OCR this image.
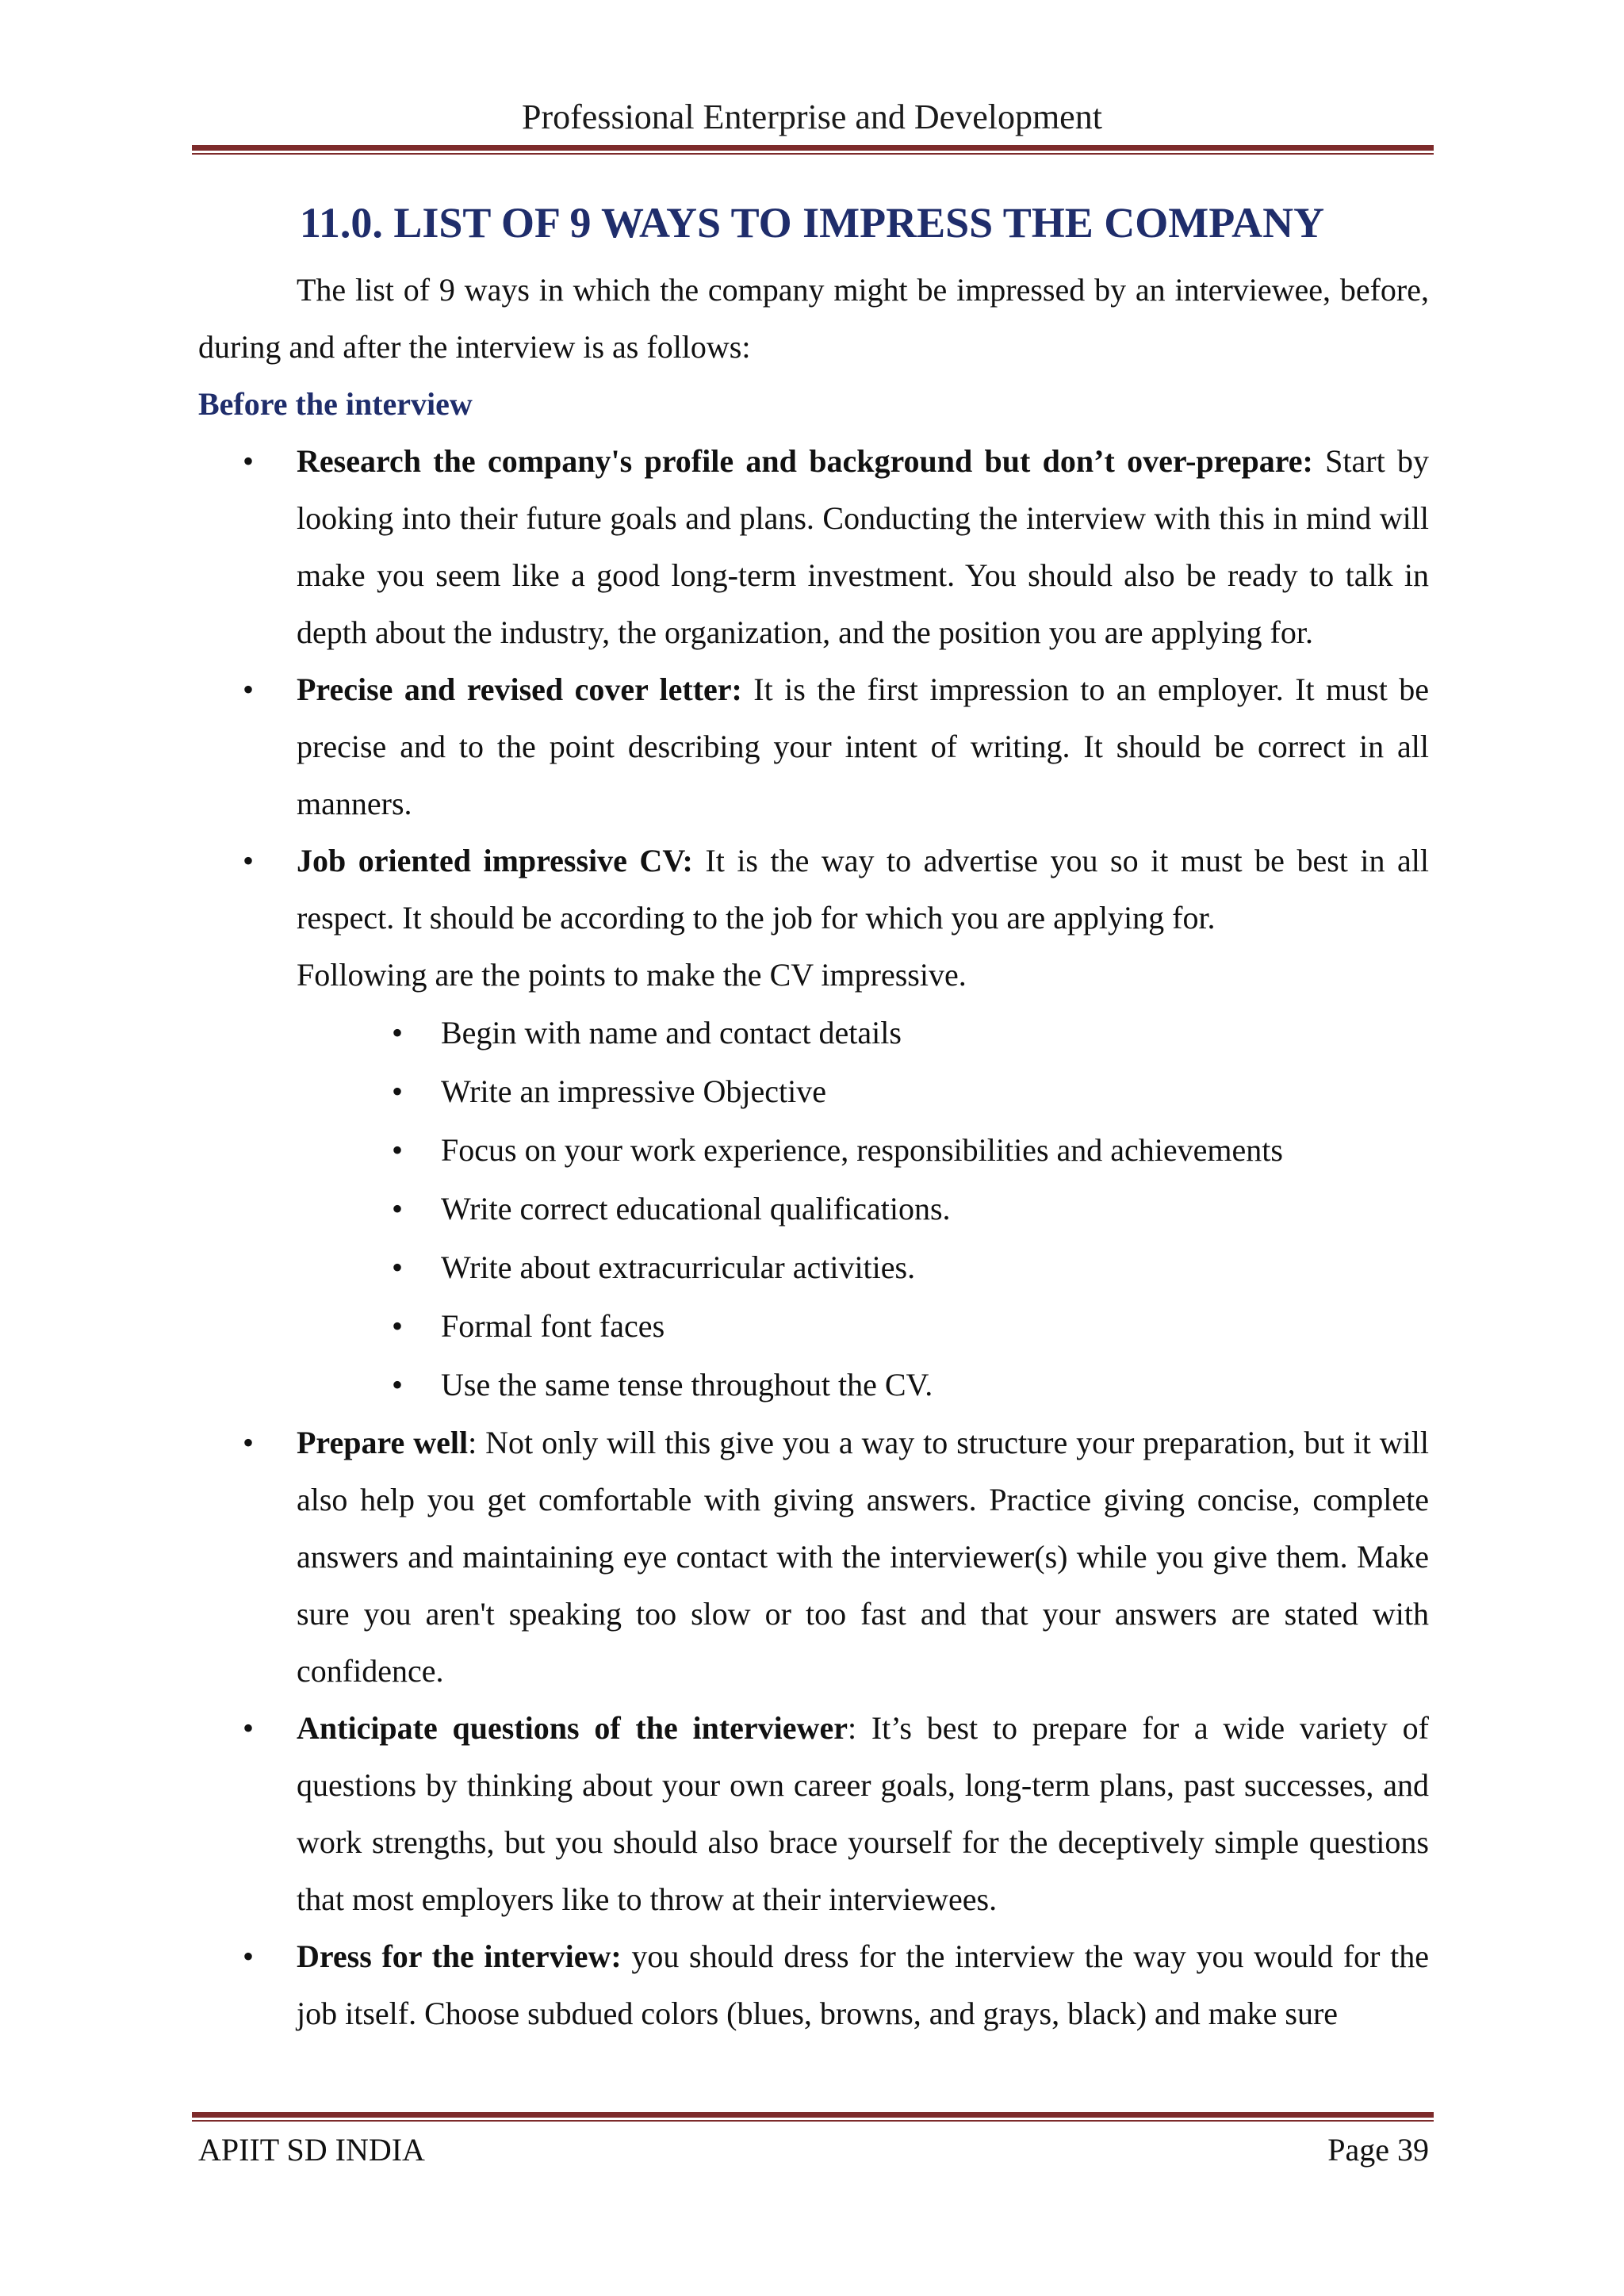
Professional Enterprise and Development
11.0. LIST OF 9 WAYS TO IMPRESS THE COMPANY

The list of 9 ways in which the company might be impressed by an interviewee, before, during and after the interview is as follows:

Before the interview

• Research the company's profile and background but don’t over-prepare: Start by looking into their future goals and plans. Conducting the interview with this in mind will make you seem like a good long-term investment. You should also be ready to talk in depth about the industry, the organization, and the position you are applying for.

• Precise and revised cover letter: It is the first impression to an employer. It must be precise and to the point describing your intent of writing. It should be correct in all manners.

• Job oriented impressive CV: It is the way to advertise you so it must be best in all respect. It should be according to the job for which you are applying for.

Following are the points to make the CV impressive.

• Begin with name and contact details
• Write an impressive Objective
• Focus on your work experience, responsibilities and achievements
• Write correct educational qualifications.
• Write about extracurricular activities.
• Formal font faces
• Use the same tense throughout the CV.
• Prepare well: Not only will this give you a way to structure your preparation, but it will also help you get comfortable with giving answers. Practice giving concise, complete answers and maintaining eye contact with the interviewer(s) while you give them. Make sure you aren't speaking too slow or too fast and that your answers are stated with confidence.

• Anticipate questions of the interviewer: It’s best to prepare for a wide variety of questions by thinking about your own career goals, long-term plans, past successes, and work strengths, but you should also brace yourself for the deceptively simple questions that most employers like to throw at their interviewees.

• Dress for the interview: you should dress for the interview the way you would for the job itself. Choose subdued colors (blues, browns, and grays, black) and make sure

APIIT SD INDIA	Page 39
